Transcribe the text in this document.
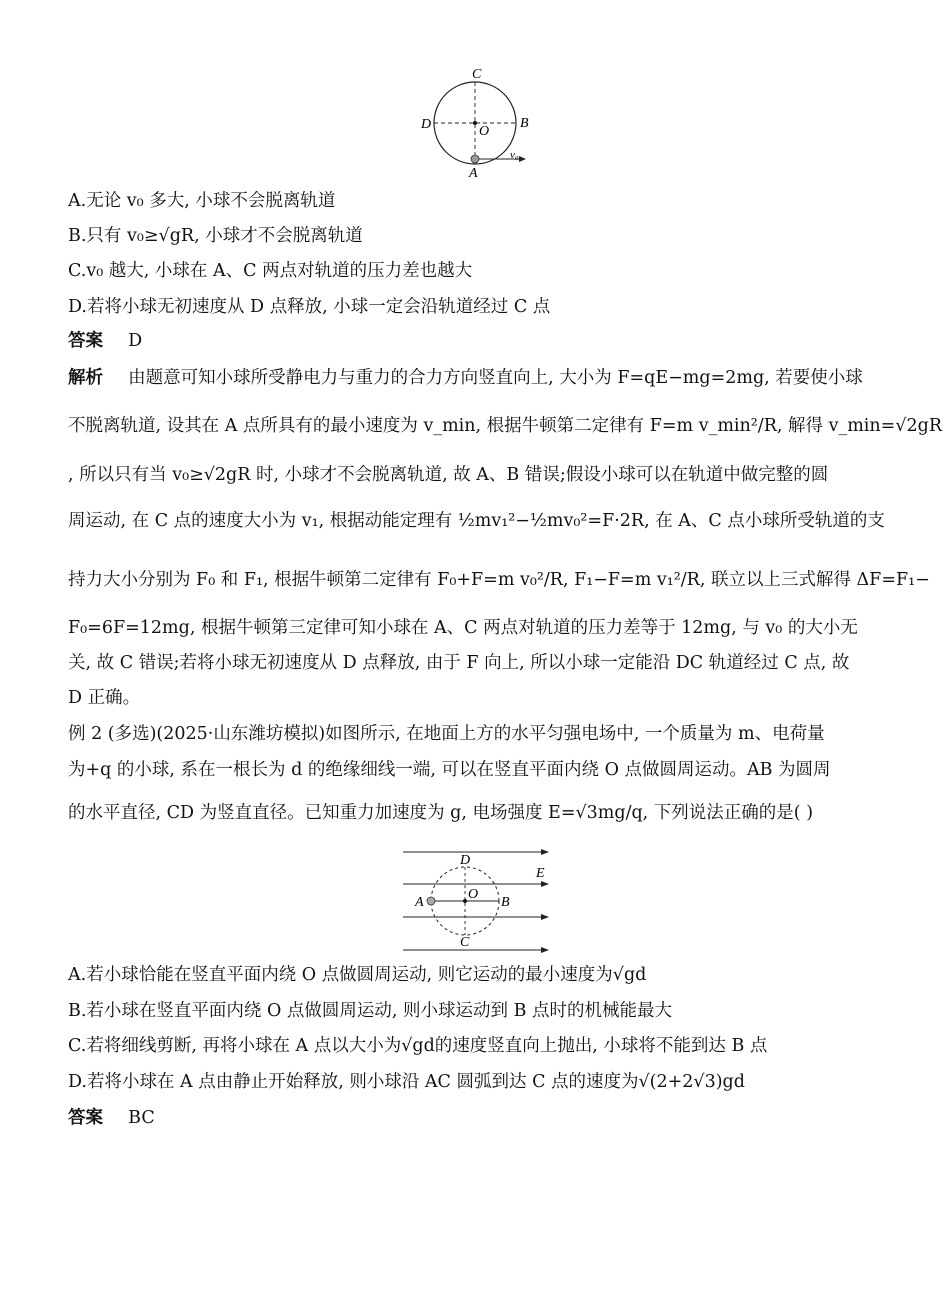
C
D	O
B
A
v₀
A.无论 v₀ 多大, 小球不会脱离轨道
B.只有 v₀≥√gR, 小球才不会脱离轨道
C.v₀ 越大, 小球在 A、C 两点对轨道的压力差也越大
D.若将小球无初速度从 D 点释放, 小球一定会沿轨道经过 C 点
答案 D
解析 由题意可知小球所受静电力与重力的合力方向竖直向上, 大小为 F=qE−mg=2mg, 若要使小球
不脱离轨道, 设其在 A 点所具有的最小速度为 v_min, 根据牛顿第二定律有 F=m v_min²/R, 解得 v_min=√2gR
, 所以只有当 v₀≥√2gR 时, 小球才不会脱离轨道, 故 A、B 错误;假设小球可以在轨道中做完整的圆
周运动, 在 C 点的速度大小为 v₁, 根据动能定理有 ½mv₁²−½mv₀²=F·2R, 在 A、C 点小球所受轨道的支
持力大小分别为 F₀ 和 F₁, 根据牛顿第二定律有 F₀+F=m v₀²/R, F₁−F=m v₁²/R, 联立以上三式解得 ΔF=F₁−
F₀=6F=12mg, 根据牛顿第三定律可知小球在 A、C 两点对轨道的压力差等于 12mg, 与 v₀ 的大小无
关, 故 C 错误;若将小球无初速度从 D 点释放, 由于 F 向上, 所以小球一定能沿 DC 轨道经过 C 点, 故
D 正确。
例 2 (多选)(2025·山东潍坊模拟)如图所示, 在地面上方的水平匀强电场中, 一个质量为 m、电荷量
为+q 的小球, 系在一根长为 d 的绝缘细线一端, 可以在竖直平面内绕 O 点做圆周运动。AB 为圆周
的水平直径, CD 为竖直直径。已知重力加速度为 g, 电场强度 E=√3mg/q, 下列说法正确的是( )
D
E
O
A	B
C
A.若小球恰能在竖直平面内绕 O 点做圆周运动, 则它运动的最小速度为√gd
B.若小球在竖直平面内绕 O 点做圆周运动, 则小球运动到 B 点时的机械能最大
C.若将细线剪断, 再将小球在 A 点以大小为√gd的速度竖直向上抛出, 小球将不能到达 B 点
D.若将小球在 A 点由静止开始释放, 则小球沿 AC 圆弧到达 C 点的速度为√(2+2√3)gd
答案 BC
